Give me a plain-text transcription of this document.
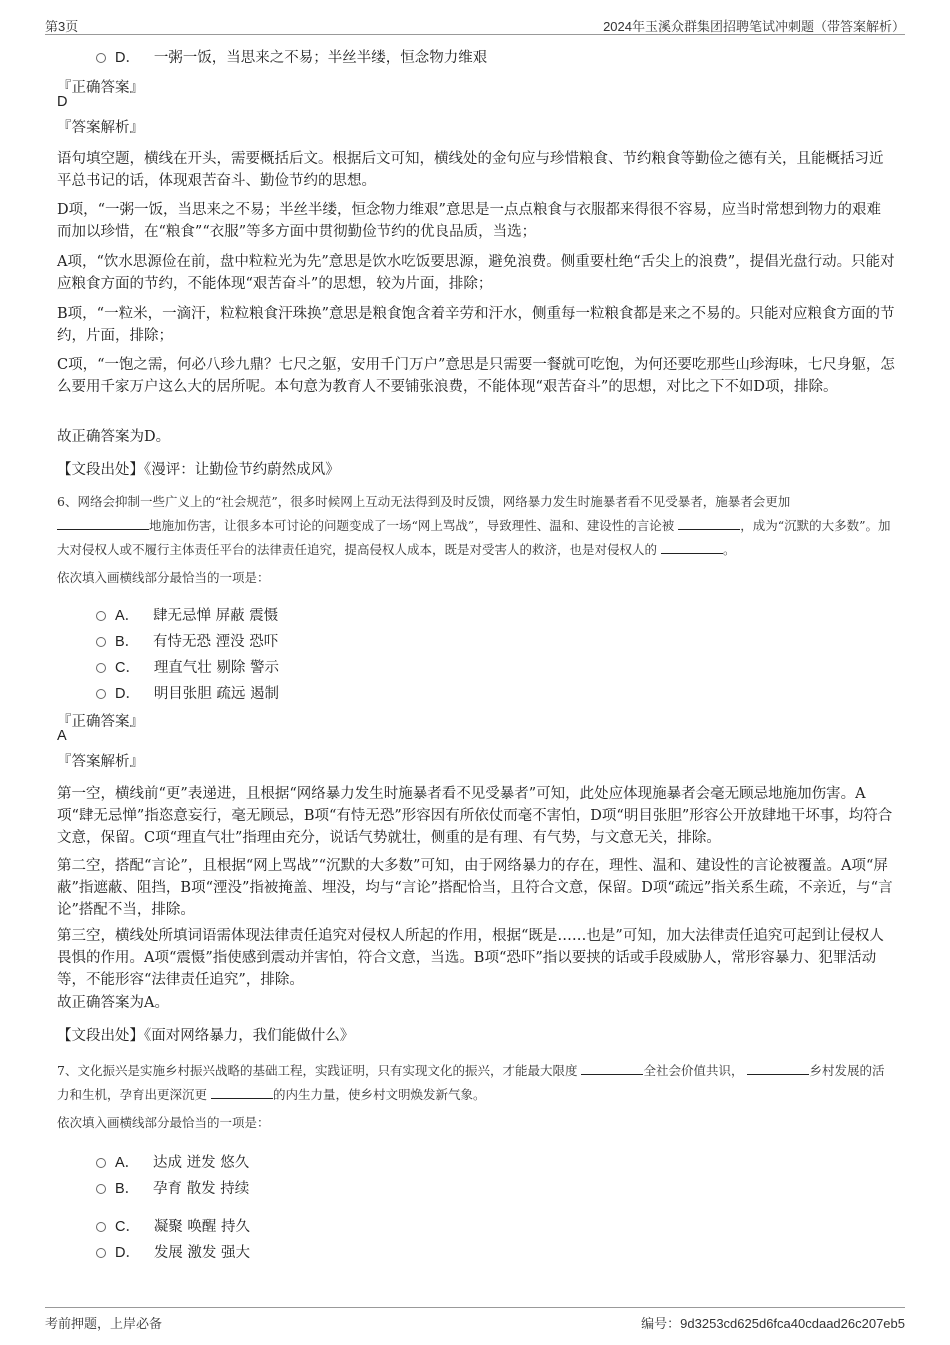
第3页	2024年玉溪众群集团招聘笔试冲刺题（带答案解析）
D． 一粥一饭，当思来之不易；半丝半缕，恒念物力维艰
『正确答案』
D
『答案解析』

语句填空题，横线在开头，需要概括后文。根据后文可知，横线处的金句应与珍惜粮食、节约粮食等勤俭之德有关，且能概括习近平总书记的话，体现艰苦奋斗、勤俭节约的思想。

D项，“一粥一饭，当思来之不易；半丝半缕，恒念物力维艰”意思是一点点粮食与衣服都来得很不容易，应当时常想到物力的艰难而加以珍惜，在“粮食”“衣服”等多方面中贯彻勤俭节约的优良品质，当选；

A项，“饮水思源俭在前，盘中粒粒光为先”意思是饮水吃饭要思源，避免浪费。侧重要杜绝“舌尖上的浪费”，提倡光盘行动。只能对应粮食方面的节约，不能体现“艰苦奋斗”的思想，较为片面，排除；

B项，“一粒米，一滴汗，粒粒粮食汗珠换”意思是粮食饱含着辛劳和汗水，侧重每一粒粮食都是来之不易的。只能对应粮食方面的节约，片面，排除；

C项，“一饱之需，何必八珍九鼎？七尺之躯，安用千门万户”意思是只需要一餐就可吃饱，为何还要吃那些山珍海味，七尺身躯，怎么要用千家万户这么大的居所呢。本句意为教育人不要铺张浪费，不能体现“艰苦奋斗”的思想，对比之下不如D项，排除。

故正确答案为D。

【文段出处】《漫评：让勤俭节约蔚然成风》

6、网络会抑制一些广义上的“社会规范”，很多时候网上互动无法得到及时反馈，网络暴力发生时施暴者看不见受暴者，施暴者会更加
地施加伤害，让很多本可讨论的问题变成了一场“网上骂战”，导致理性、温和、建设性的言论被	，成为“沉默的大多数”。加大对侵权人或不履行主体责任平台的法律责任追究，提高侵权人成本，既是对受害人的救济，也是对侵权人的	。

依次填入画横线部分最恰当的一项是：

A． 肆无忌惮 屏蔽 震慑
B． 有恃无恐 湮没 恐吓
C． 理直气壮 剔除 警示
D． 明目张胆 疏远 遏制
『正确答案』
A
『答案解析』

第一空，横线前“更”表递进，且根据“网络暴力发生时施暴者看不见受暴者”可知，此处应体现施暴者会毫无顾忌地施加伤害。A项“肆无忌惮”指恣意妄行，毫无顾忌，B项“有恃无恐”形容因有所依仗而毫不害怕，D项“明目张胆”形容公开放肆地干坏事，均符合文意，保留。C项“理直气壮”指理由充分，说话气势就壮，侧重的是有理、有气势，与文意无关，排除。

第二空，搭配“言论”，且根据“网上骂战”“沉默的大多数”可知，由于网络暴力的存在，理性、温和、建设性的言论被覆盖。A项“屏蔽”指遮蔽、阻挡，B项“湮没”指被掩盖、埋没，均与“言论”搭配恰当，且符合文意，保留。D项“疏远”指关系生疏，不亲近，与“言论”搭配不当，排除。

第三空，横线处所填词语需体现法律责任追究对侵权人所起的作用，根据“既是……也是”可知，加大法律责任追究可起到让侵权人畏惧的作用。A项“震慑”指使感到震动并害怕，符合文意，当选。B项“恐吓”指以要挟的话或手段威胁人，常形容暴力、犯罪活动等，不能形容“法律责任追究”，排除。

故正确答案为A。

【文段出处】《面对网络暴力，我们能做什么》

7、文化振兴是实施乡村振兴战略的基础工程，实践证明，只有实现文化的振兴，才能最大限度	全社会价值共识，	乡村发展的活力和生机，孕育出更深沉更	的内生力量，使乡村文明焕发新气象。

依次填入画横线部分最恰当的一项是：

A． 达成 迸发 悠久
B． 孕育 散发 持续
C． 凝聚 唤醒 持久
D． 发展 激发 强大
考前押题，上岸必备	编号：9d3253cd625d6fca40cdaad26c207eb5
